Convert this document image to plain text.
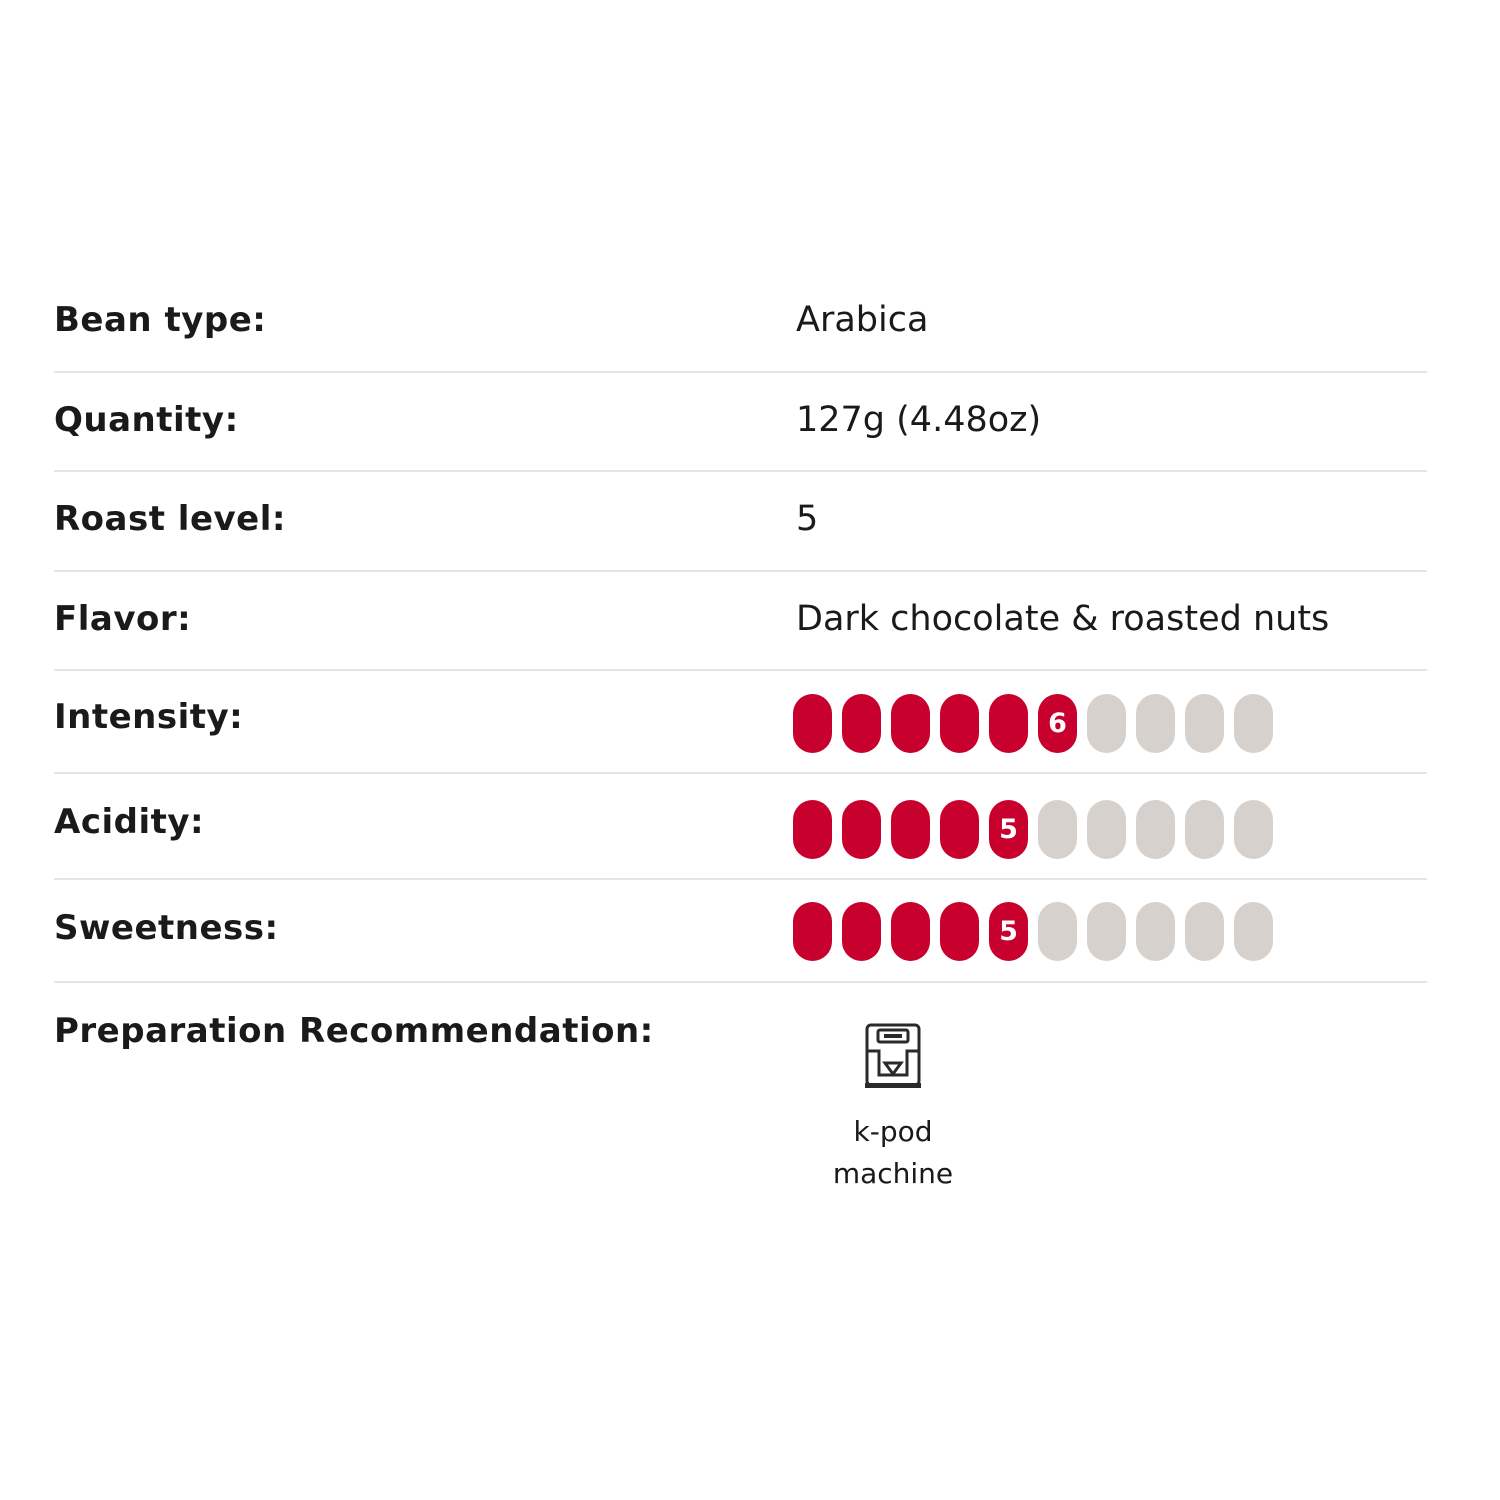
Bean type:	Arabica
Quantity:	127g (4.48oz)
Roast level:	5
Flavor:	Dark chocolate & roasted nuts
Intensity:	6
Acidity:	5
Sweetness:	5
Preparation Recommendation:
k-pod
machine
